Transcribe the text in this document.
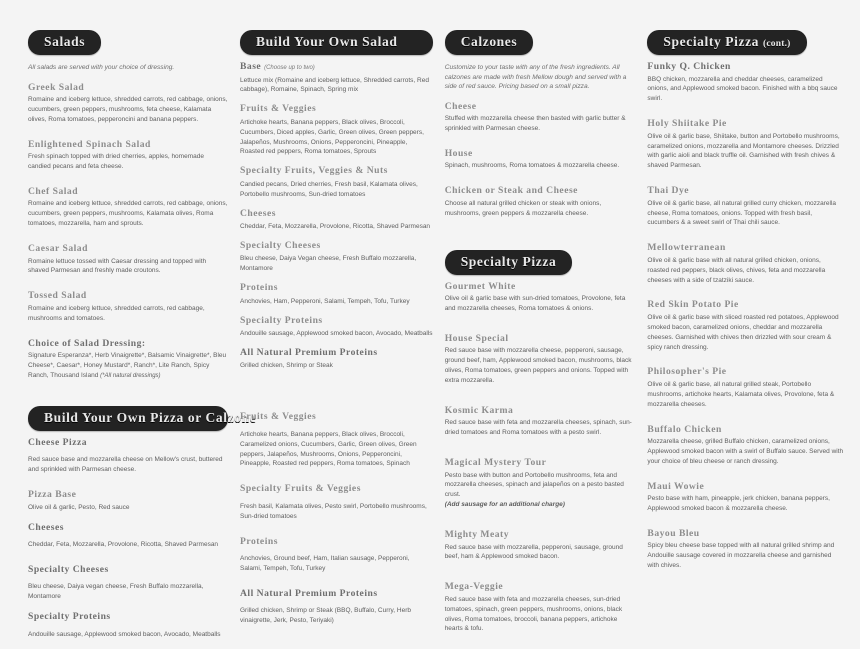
Salads
All salads are served with your choice of dressing.
Greek Salad
Romaine and iceberg lettuce, shredded carrots, red cabbage, onions, cucumbers, green peppers, mushrooms, feta cheese, Kalamata olives, Roma tomatoes, pepperoncini and banana peppers.
Enlightened Spinach Salad
Fresh spinach topped with dried cherries, apples, homemade candied pecans and feta cheese.
Chef Salad
Romaine and iceberg lettuce, shredded carrots, red cabbage, onions, cucumbers, green peppers, mushrooms, Kalamata olives, Roma tomatoes, mozzarella, ham and sprouts.
Caesar Salad
Romaine lettuce tossed with Caesar dressing and topped with shaved Parmesan and freshly made croutons.
Tossed Salad
Romaine and iceberg lettuce, shredded carrots, red cabbage, mushrooms and tomatoes.
Choice of Salad Dressing:
Signature Esperanza*, Herb Vinaigrette*, Balsamic Vinaigrette*, Bleu Cheese*, Caesar*, Honey Mustard*, Ranch*, Lite Ranch, Spicy Ranch, Thousand Island (*All natural dressings)
Build Your Own Pizza or Calzone
Cheese Pizza
Red sauce base and mozzarella cheese on Mellow's crust, buttered and sprinkled with Parmesan cheese.
Pizza Base
Olive oil & garlic, Pesto, Red sauce
Cheeses
Cheddar, Feta, Mozzarella, Provolone, Ricotta, Shaved Parmesan
Specialty Cheeses
Bleu cheese, Daiya vegan cheese, Fresh Buffalo mozzarella, Montamore
Specialty Proteins
Andouille sausage, Applewood smoked bacon, Avocado, Meatballs
Build Your Own Salad
Base (Choose up to two)
Lettuce mix (Romaine and iceberg lettuce, Shredded carrots, Red cabbage), Romaine, Spinach, Spring mix
Fruits & Veggies
Artichoke hearts, Banana peppers, Black olives, Broccoli, Cucumbers, Diced apples, Garlic, Green olives, Green peppers, Jalapeños, Mushrooms, Onions, Pepperoncini, Pineapple, Roasted red peppers, Roma tomatoes, Sprouts
Specialty Fruits, Veggies & Nuts
Candied pecans, Dried cherries, Fresh basil, Kalamata olives, Portobello mushrooms, Sun-dried tomatoes
Cheeses
Cheddar, Feta, Mozzarella, Provolone, Ricotta, Shaved Parmesan
Specialty Cheeses
Bleu cheese, Daiya Vegan cheese, Fresh Buffalo mozzarella, Montamore
Proteins
Anchovies, Ham, Pepperoni, Salami, Tempeh, Tofu, Turkey
Specialty Proteins
Andouille sausage, Applewood smoked bacon, Avocado, Meatballs
All Natural Premium Proteins
Grilled chicken, Shrimp or Steak
Fruits & Veggies
Artichoke hearts, Banana peppers, Black olives, Broccoli, Caramelized onions, Cucumbers, Garlic, Green olives, Green peppers, Jalapeños, Mushrooms, Onions, Pepperoncini, Pineapple, Roasted red peppers, Roma tomatoes, Spinach
Specialty Fruits & Veggies
Fresh basil, Kalamata olives, Pesto swirl, Portobello mushrooms, Sun-dried tomatoes
Proteins
Anchovies, Ground beef, Ham, Italian sausage, Pepperoni, Salami, Tempeh, Tofu, Turkey
All Natural Premium Proteins
Grilled chicken, Shrimp or Steak (BBQ, Buffalo, Curry, Herb vinaigrette, Jerk, Pesto, Teriyaki)
Calzones
Customize to your taste with any of the fresh ingredients. All calzones are made with fresh Mellow dough and served with a side of red sauce. Pricing based on a small pizza.
Cheese
Stuffed with mozzarella cheese then basted with garlic butter & sprinkled with Parmesan cheese.
House
Spinach, mushrooms, Roma tomatoes & mozzarella cheese.
Chicken or Steak and Cheese
Choose all natural grilled chicken or steak with onions, mushrooms, green peppers & mozzarella cheese.
Specialty Pizza
Gourmet White
Olive oil & garlic base with sun-dried tomatoes, Provolone, feta and mozzarella cheeses, Roma tomatoes & onions.
House Special
Red sauce base with mozzarella cheese, pepperoni, sausage, ground beef, ham, Applewood smoked bacon, mushrooms, black olives, Roma tomatoes, green peppers and onions. Topped with extra mozzarella.
Kosmic Karma
Red sauce base with feta and mozzarella cheeses, spinach, sun-dried tomatoes and Roma tomatoes with a pesto swirl.
Magical Mystery Tour
Pesto base with button and Portobello mushrooms, feta and mozzarella cheeses, spinach and jalapeños on a pesto basted crust.
(Add sausage for an additional charge)
Mighty Meaty
Red sauce base with mozzarella, pepperoni, sausage, ground beef, ham & Applewood smoked bacon.
Mega-Veggie
Red sauce base with feta and mozzarella cheeses, sun-dried tomatoes, spinach, green peppers, mushrooms, onions, black olives, Roma tomatoes, broccoli, banana peppers, artichoke hearts & tofu.
Specialty Pizza (cont.)
Funky Q. Chicken
BBQ chicken, mozzarella and cheddar cheeses, caramelized onions, and Applewood smoked bacon. Finished with a bbq sauce swirl.
Holy Shiitake Pie
Olive oil & garlic base, Shiitake, button and Portobello mushrooms, caramelized onions, mozzarella and Montamore cheeses. Drizzled with garlic aioli and black truffle oil. Garnished with fresh chives & shaved Parmesan.
Thai Dye
Olive oil & garlic base, all natural grilled curry chicken, mozzarella cheese, Roma tomatoes, onions. Topped with fresh basil, cucumbers & a sweet swirl of Thai chili sauce.
Mellowterranean
Olive oil & garlic base with all natural grilled chicken, onions, roasted red peppers, black olives, chives, feta and mozzarella cheeses with a side of tzatziki sauce.
Red Skin Potato Pie
Olive oil & garlic base with sliced roasted red potatoes, Applewood smoked bacon, caramelized onions, cheddar and mozzarella cheeses. Garnished with chives then drizzled with sour cream & spicy ranch dressing.
Philosopher's Pie
Olive oil & garlic base, all natural grilled steak, Portobello mushrooms, artichoke hearts, Kalamata olives, Provolone, feta & mozzarella cheeses.
Buffalo Chicken
Mozzarella cheese, grilled Buffalo chicken, caramelized onions, Applewood smoked bacon with a swirl of Buffalo sauce. Served with your choice of bleu cheese or ranch dressing.
Maui Wowie
Pesto base with ham, pineapple, jerk chicken, banana peppers, Applewood smoked bacon & mozzarella cheese.
Bayou Bleu
Spicy bleu cheese base topped with all natural grilled shrimp and Andouille sausage covered in mozzarella cheese and garnished with chives.
